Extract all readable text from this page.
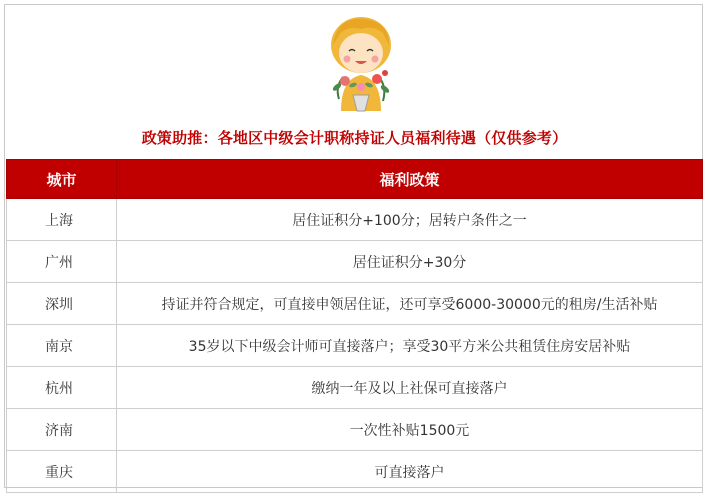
政策助推：各地区中级会计职称持证人员福利待遇（仅供参考）
城市	福利政策
上海	居住证积分+100分；居转户条件之一
广州	居住证积分+30分
深圳	持证并符合规定，可直接申领居住证，还可享受6000-30000元的租房/生活补贴
南京	35岁以下中级会计师可直接落户；享受30平方米公共租赁住房安居补贴
杭州	缴纳一年及以上社保可直接落户
济南	一次性补贴1500元
重庆	可直接落户
